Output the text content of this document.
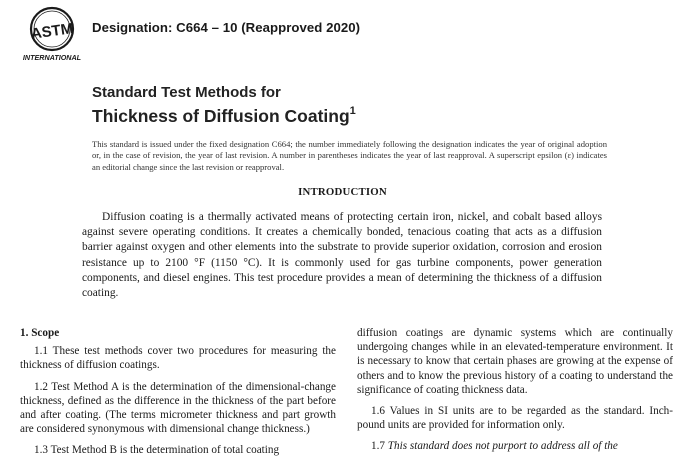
ASTM
INTERNATIONAL
Designation: C664 – 10 (Reapproved 2020)
Standard Test Methods for
Thickness of Diffusion Coating$^1$
This standard is issued under the fixed designation C664; the number immediately following the designation indicates the year of original adoption or, in the case of revision, the year of last revision. A number in parentheses indicates the year of last reapproval. A superscript epsilon (ε) indicates an editorial change since the last revision or reapproval.
INTRODUCTION
Diffusion coating is a thermally activated means of protecting certain iron, nickel, and cobalt based alloys against severe operating conditions. It creates a chemically bonded, tenacious coating that acts as a diffusion barrier against oxygen and other elements into the substrate to provide superior oxidation, corrosion and erosion resistance up to 2100 °F (1150 °C). It is commonly used for gas turbine components, power generation components, and diesel engines. This test procedure provides a mean of determining the thickness of a diffusion coating.
1. Scope

1.1 These test methods cover two procedures for measuring the thickness of diffusion coatings.

1.2 Test Method A is the determination of the dimensional-change thickness, defined as the difference in the thickness of the part before and after coating. (The terms micrometer thickness and part growth are considered synonymous with dimensional change thickness.)

1.3 Test Method B is the determination of total coating

diffusion coatings are dynamic systems which are continually undergoing changes while in an elevated-temperature environment. It is necessary to know that certain phases are growing at the expense of others and to know the previous history of a coating to understand the significance of coating thickness data.

1.6 Values in SI units are to be regarded as the standard. Inch-pound units are provided for information only.

1.7 This standard does not purport to address all of the
